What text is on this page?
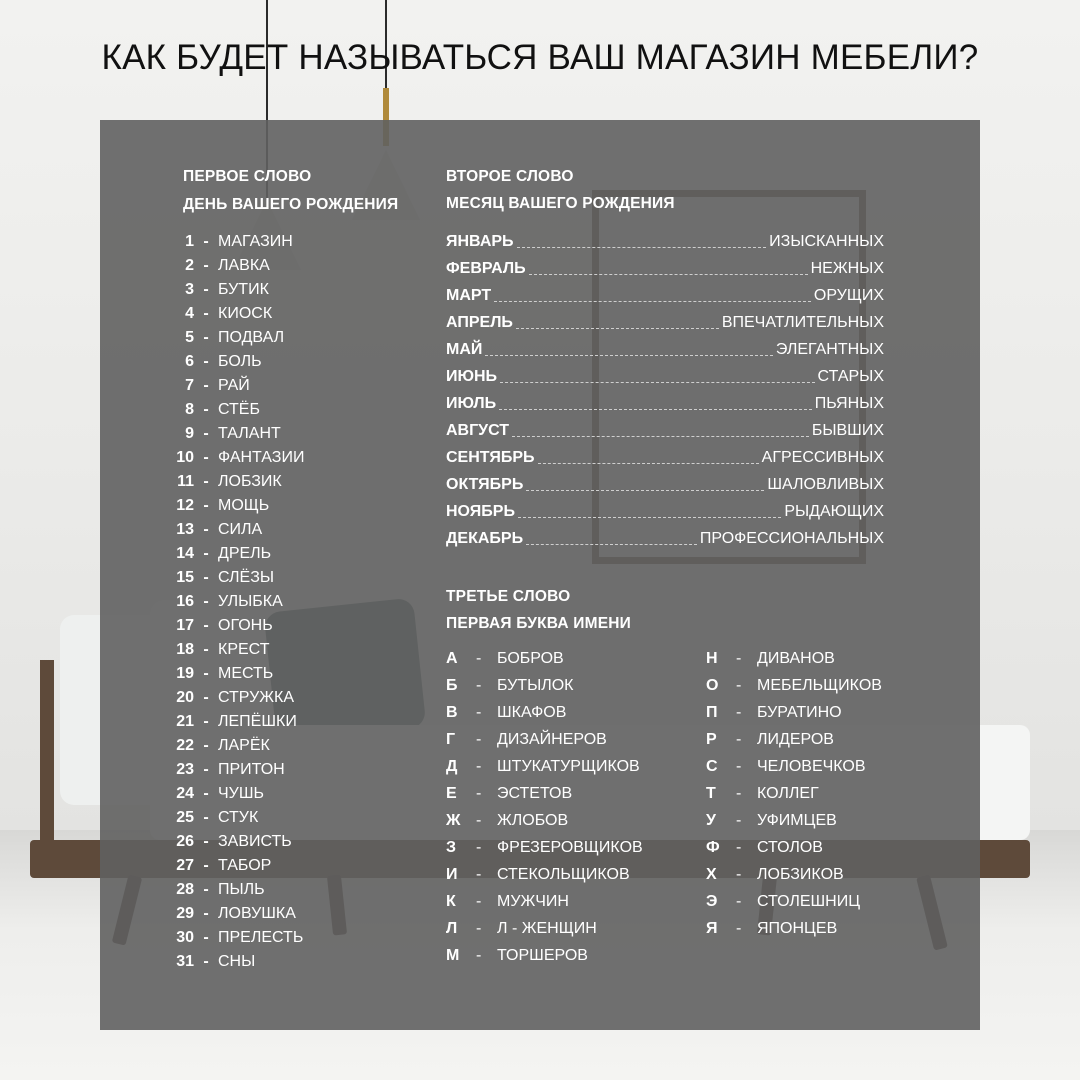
КАК БУДЕТ НАЗЫВАТЬСЯ ВАШ МАГАЗИН МЕБЕЛИ?
ПЕРВОЕ СЛОВО
ДЕНЬ ВАШЕГО РОЖДЕНИЯ
1 - МАГАЗИН
2 - ЛАВКА
3 - БУТИК
4 - КИОСК
5 - ПОДВАЛ
6 - БОЛЬ
7 - РАЙ
8 - СТЁБ
9 - ТАЛАНТ
10 - ФАНТАЗИИ
11 - ЛОБЗИК
12 - МОЩЬ
13 - СИЛА
14 - ДРЕЛЬ
15 - СЛЁЗЫ
16 - УЛЫБКА
17 - ОГОНЬ
18 - КРЕСТ
19 - МЕСТЬ
20 - СТРУЖКА
21 - ЛЕПЁШКИ
22 - ЛАРЁК
23 - ПРИТОН
24 - ЧУШЬ
25 - СТУК
26 - ЗАВИСТЬ
27 - ТАБОР
28 - ПЫЛЬ
29 - ЛОВУШКА
30 - ПРЕЛЕСТЬ
31 - СНЫ
ВТОРОЕ СЛОВО
МЕСЯЦ ВАШЕГО РОЖДЕНИЯ
ЯНВАРЬ	ИЗЫСКАННЫХ
ФЕВРАЛЬ	НЕЖНЫХ
МАРТ	ОРУЩИХ
АПРЕЛЬ	ВПЕЧАТЛИТЕЛЬНЫХ
МАЙ	ЭЛЕГАНТНЫХ
ИЮНЬ	СТАРЫХ
ИЮЛЬ	ПЬЯНЫХ
АВГУСТ	БЫВШИХ
СЕНТЯБРЬ	АГРЕССИВНЫХ
ОКТЯБРЬ	ШАЛОВЛИВЫХ
НОЯБРЬ	РЫДАЮЩИХ
ДЕКАБРЬ	ПРОФЕССИОНАЛЬНЫХ
ТРЕТЬЕ СЛОВО
ПЕРВАЯ БУКВА ИМЕНИ
А	- БОБРОВ
Б	- БУТЫЛОК
В	- ШКАФОВ
Г	- ДИЗАЙНЕРОВ
Д	- ШТУКАТУРЩИКОВ
Е	- ЭСТЕТОВ
Ж - ЖЛОБОВ
З	- ФРЕЗЕРОВЩИКОВ
И	- СТЕКОЛЬЩИКОВ
К	- МУЖЧИН
Л	- Л - ЖЕНЩИН
М	- ТОРШЕРОВ
Н	- ДИВАНОВ
О	- МЕБЕЛЬЩИКОВ
П	- БУРАТИНО
Р	- ЛИДЕРОВ
С	- ЧЕЛОВЕЧКОВ
Т	- КОЛЛЕГ
У	- УФИМЦЕВ
Ф	- СТОЛОВ
Х	- ЛОБЗИКОВ
Э	- СТОЛЕШНИЦ
Я	- ЯПОНЦЕВ
